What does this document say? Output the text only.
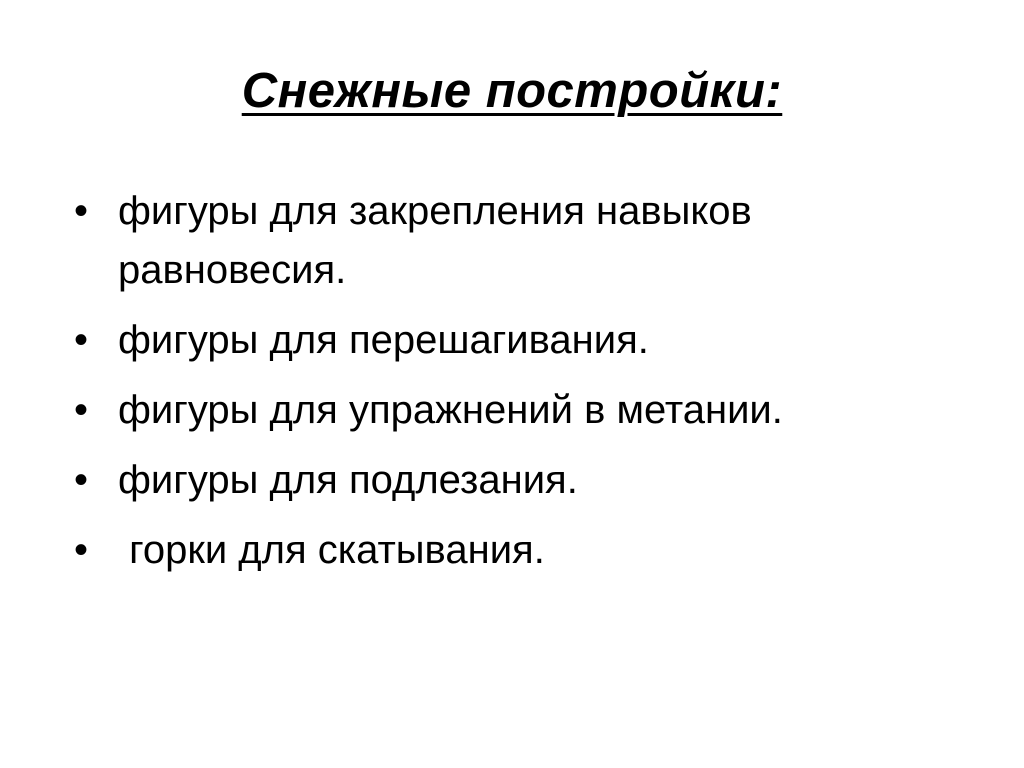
Снежные постройки:
• фигуры для закрепления навыков равновесия.
• фигуры для перешагивания.
• фигуры для упражнений в метании.
• фигуры для подлезания.
• горки для скатывания.
